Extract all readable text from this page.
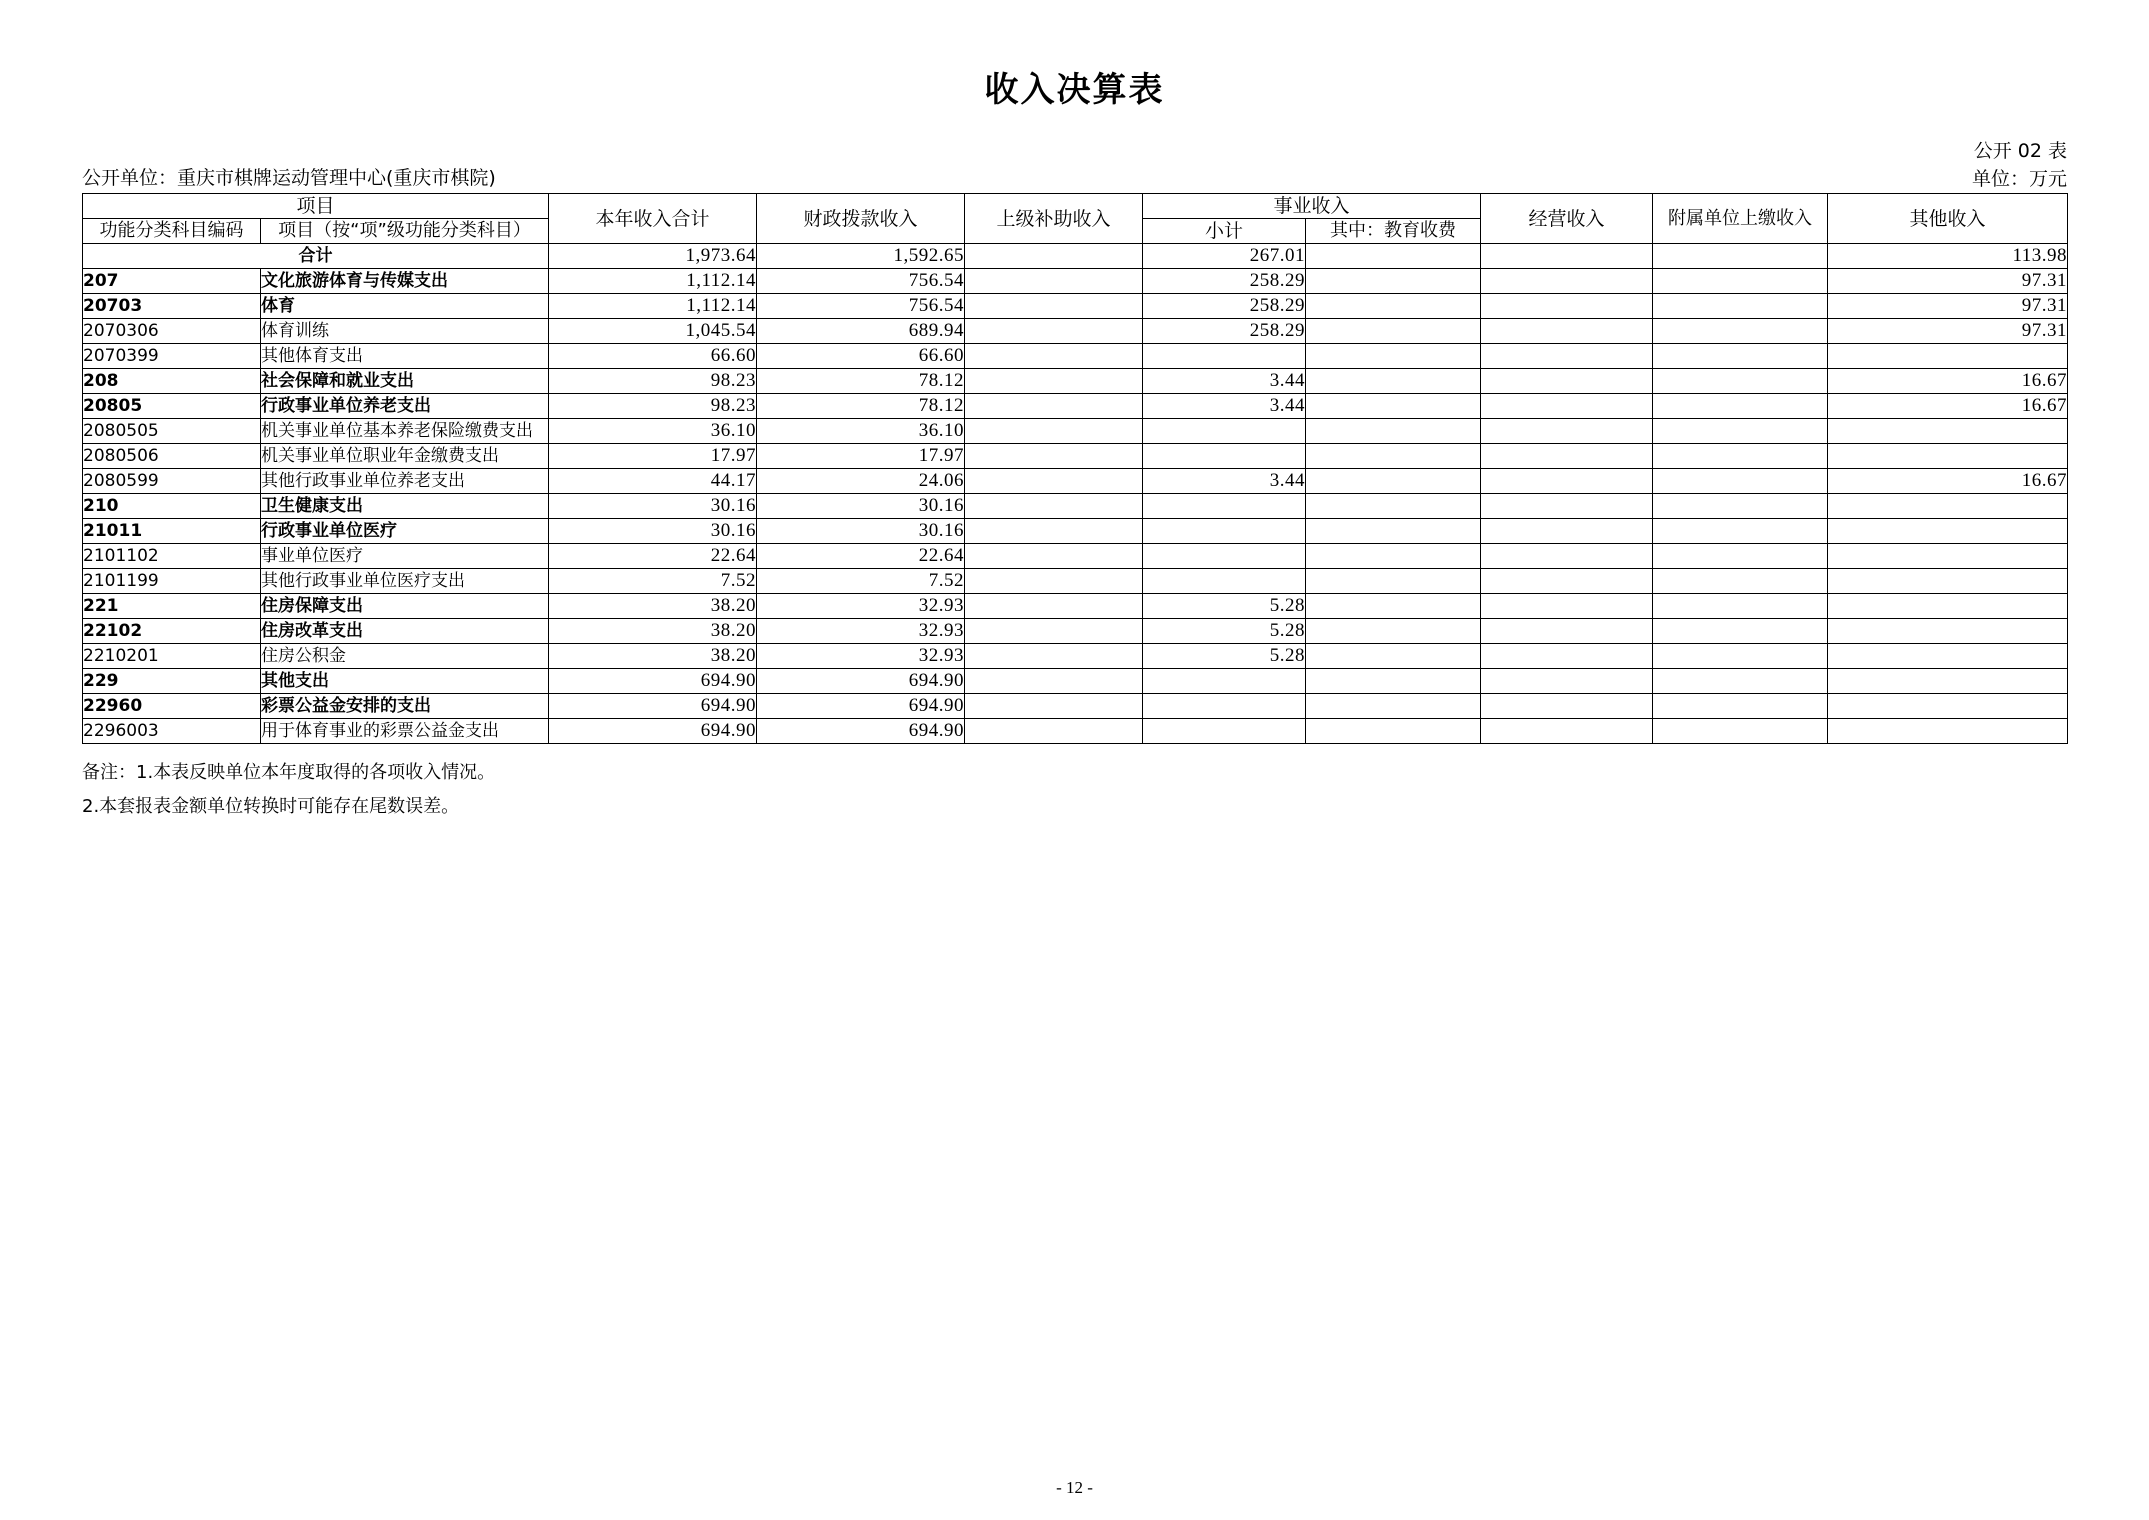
收入决算表
公开单位：重庆市棋牌运动管理中心(重庆市棋院)
公开 02 表
单位：万元
项目		本年收入合计	财政拨款收入	上级补助收入	事业收入		经营收入	附属单位上缴收入	其他收入
功能分类科目编码	项目（按“项”级功能分类科目）				小计	其中：教育收费			
合计		1,973.64	1,592.65		267.01				113.98
207	文化旅游体育与传媒支出	1,112.14	756.54		258.29				97.31
20703	体育	1,112.14	756.54		258.29				97.31
2070306	体育训练	1,045.54	689.94		258.29				97.31
2070399	其他体育支出	66.60	66.60						
208	社会保障和就业支出	98.23	78.12		3.44				16.67
20805	行政事业单位养老支出	98.23	78.12		3.44				16.67
2080505	机关事业单位基本养老保险缴费支出	36.10	36.10						
2080506	机关事业单位职业年金缴费支出	17.97	17.97						
2080599	其他行政事业单位养老支出	44.17	24.06		3.44				16.67
210	卫生健康支出	30.16	30.16						
21011	行政事业单位医疗	30.16	30.16						
2101102	事业单位医疗	22.64	22.64						
2101199	其他行政事业单位医疗支出	7.52	7.52						
221	住房保障支出	38.20	32.93		5.28				
22102	住房改革支出	38.20	32.93		5.28				
2210201	住房公积金	38.20	32.93		5.28				
229	其他支出	694.90	694.90						
22960	彩票公益金安排的支出	694.90	694.90						
2296003	用于体育事业的彩票公益金支出	694.90	694.90						
备注：1.本表反映单位本年度取得的各项收入情况。
2.本套报表金额单位转换时可能存在尾数误差。
- 12 -
